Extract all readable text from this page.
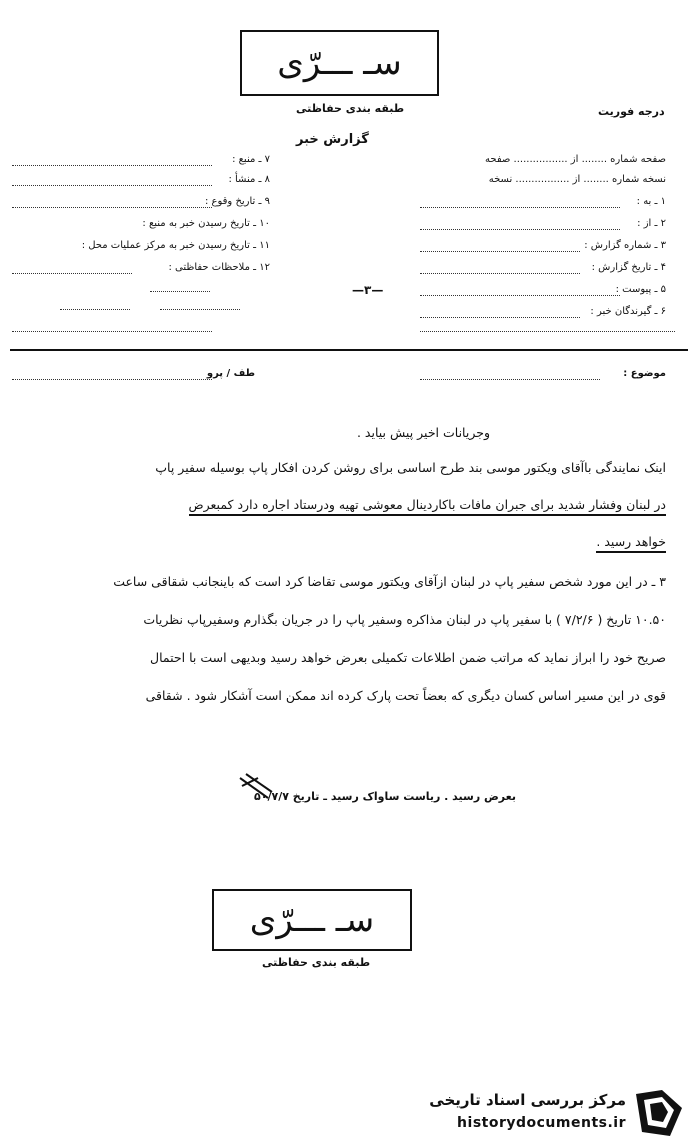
سـ ـــرّی
طبقه بندی حفاظتی	درجه فوریت
گزارش خبر
صفحه شماره ........ از ................. صفحه
نسخه شماره ........ از ................. نسخه
۱ ـ به :
۲ ـ از :
۳ ـ شماره گزارش :
۴ ـ تاریخ گزارش :
۵ ـ پیوست :
۶ ـ گیرندگان خبر :
۷ ـ منبع :
۸ ـ منشأ :
۹ ـ تاریخ وقوع :
۱۰ ـ تاریخ رسیدن خبر به منبع :
۱۱ ـ تاریخ رسیدن خبر به مرکز عملیات محل :
۱۲ ـ ملاحظات حفاظتی :
—٣—
موضوع :
طف / پرو
وجریانات اخیر پیش بیاید .
اینک نمایندگی باآقای ویکتور موسی بند طرح اساسی برای روشن کردن افکار پاپ بوسیله سفیر پاپ
در لبنان وفشار شدید برای جبران مافات باکاردینال معوشی تهیه ودرستاد اجاره دارد کمبعرض
خواهد رسید .
۳ ـ در این مورد شخص سفیر پاپ در لبنان ازآقای ویکتور موسی تقاضا کرد است که باینجانب شقاقی ساعت
۱۰.۵۰ تاریخ ( ۷/۲/۶ ) با سفیر پاپ در لبنان مذاکره وسفیر پاپ را در جریان بگذارم وسفیرپاپ نظریات
صریح خود را ابراز نماید که مراتب ضمن اطلاعات تکمیلی بعرض خواهد رسید وبدیهی است با احتمال
قوی در این مسیر اساس کسان دیگری که بعضاً تحت پارک کرده اند ممکن است آشکار شود . شقاقی
بعرض رسید . ریاست ساواک رسید ـ تاریخ ۵۰/۷/۷
سـ ـــرّی
طبقه بندی حفاظتی
مرکز بررسی اسناد تاریخی
historydocuments.ir
